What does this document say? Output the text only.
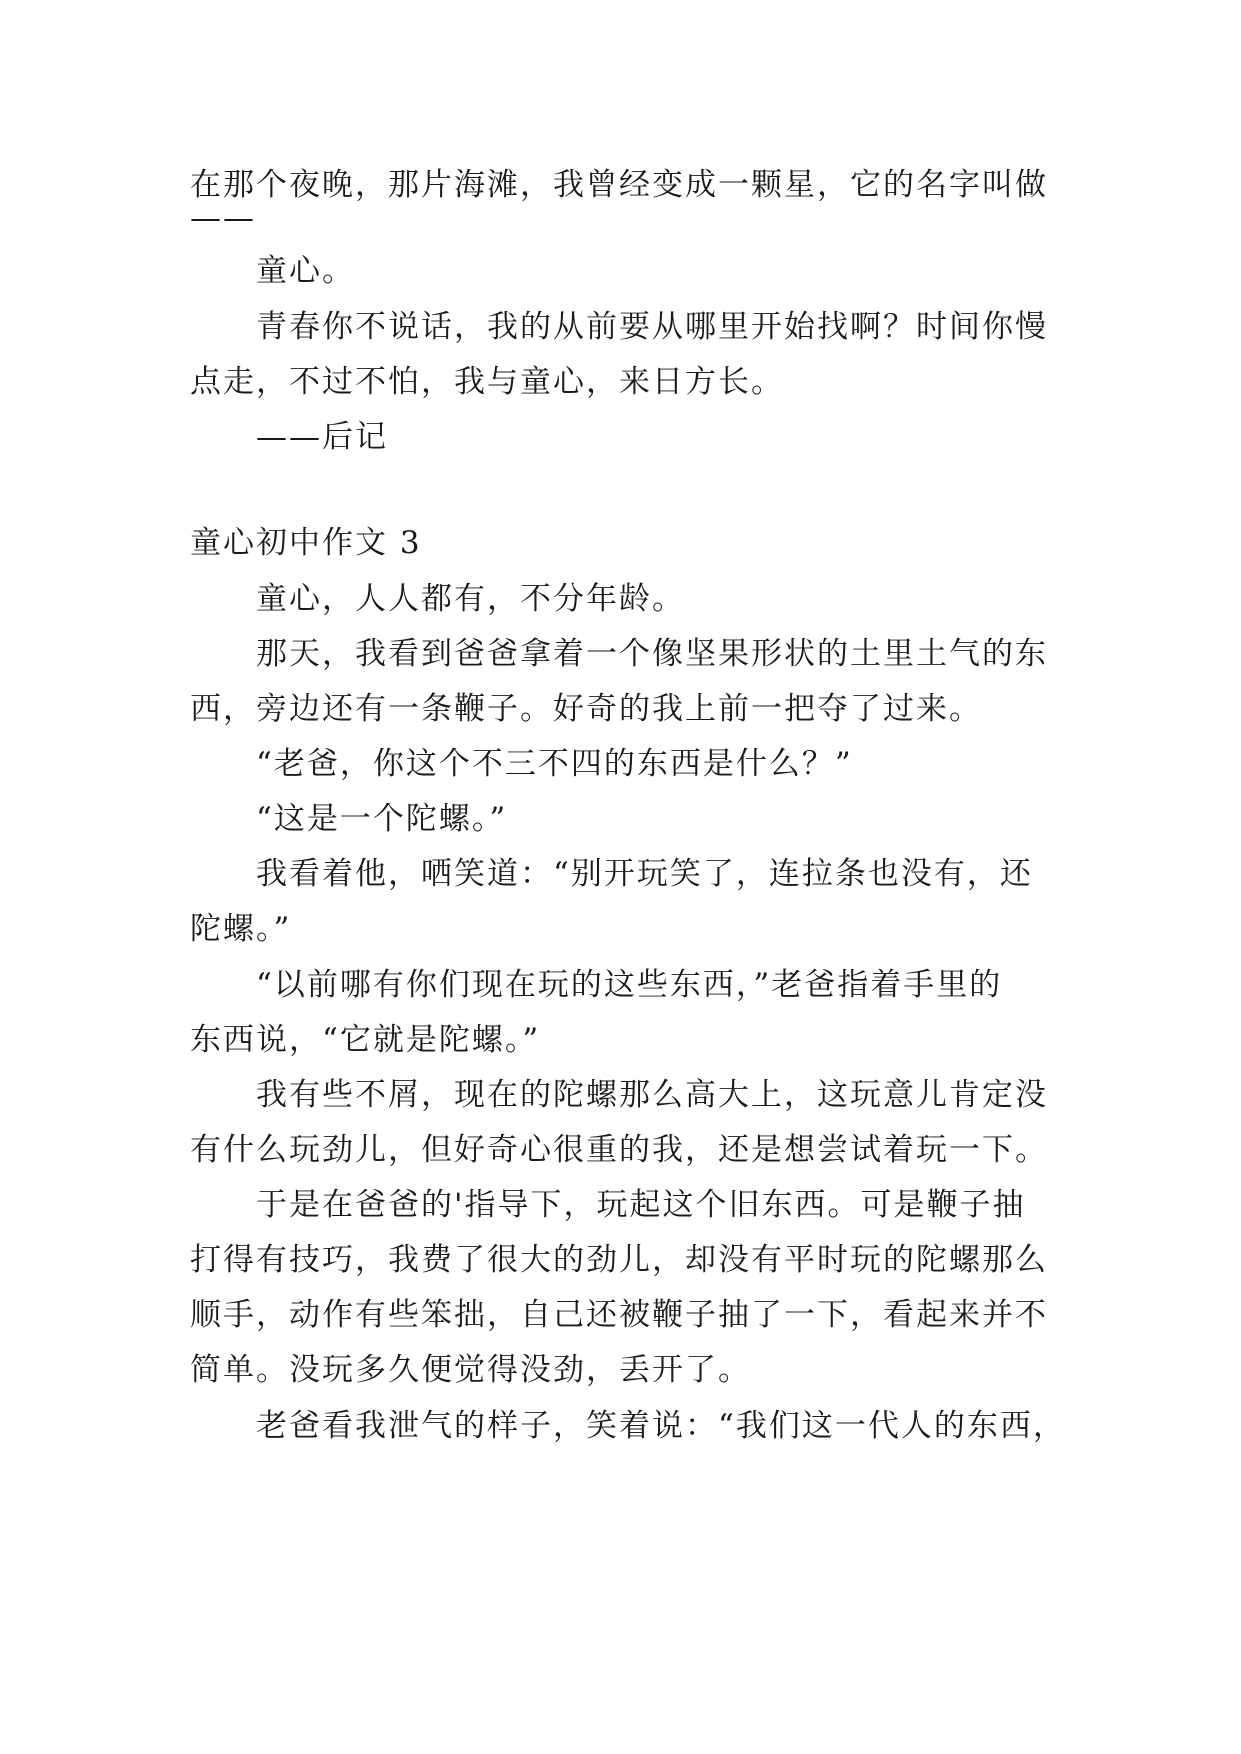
在那个夜晚，那片海滩，我曾经变成一颗星，它的名字叫做
——
童心。
青春你不说话，我的从前要从哪里开始找啊？时间你慢
点走，不过不怕，我与童心，来日方长。
——后记
童心初中作文 3
童心，人人都有，不分年龄。
那天，我看到爸爸拿着一个像坚果形状的土里土气的东
西，旁边还有一条鞭子。好奇的我上前一把夺了过来。
“老爸，你这个不三不四的东西是什么？”
“这是一个陀螺。”
我看着他，哂笑道：“别开玩笑了，连拉条也没有，还
陀螺。”
“以前哪有你们现在玩的这些东西，”老爸指着手里的
东西说，“它就是陀螺。”
我有些不屑，现在的陀螺那么高大上，这玩意儿肯定没
有什么玩劲儿，但好奇心很重的我，还是想尝试着玩一下。
于是在爸爸的'指导下，玩起这个旧东西。可是鞭子抽
打得有技巧，我费了很大的劲儿，却没有平时玩的陀螺那么
顺手，动作有些笨拙，自己还被鞭子抽了一下，看起来并不
简单。没玩多久便觉得没劲，丢开了。
老爸看我泄气的样子，笑着说：“我们这一代人的东西，
